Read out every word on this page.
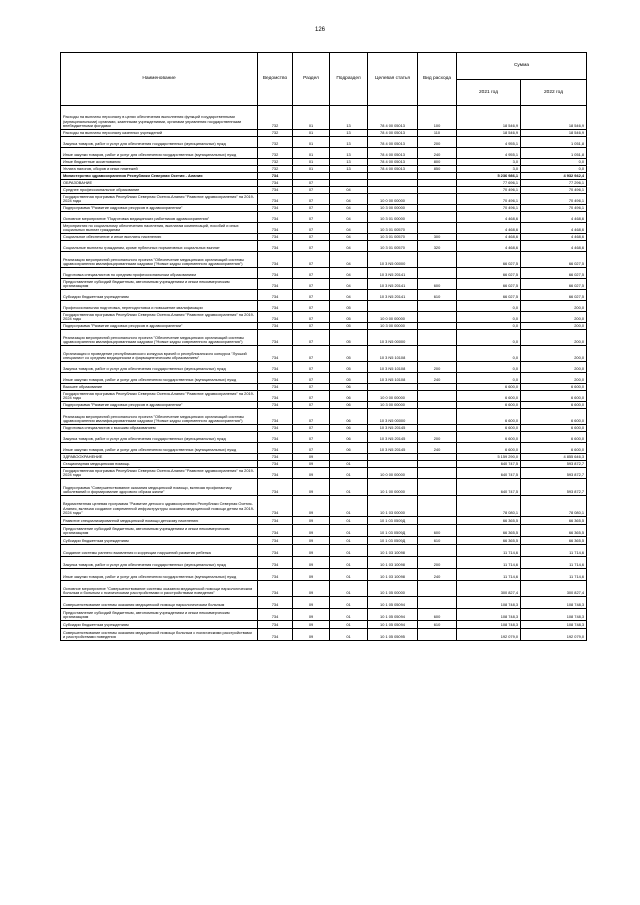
126
Наименование	Ведомство	Раздел	Подраздел	Целевая статья	Вид расхода	Сумма	
						2021 год	2022 год
Расходы на выплаты персоналу в целях обеспечения выполнения функций государственными (муниципальными) органами, казенными учреждениями, органами управления государственными внебюджетными фондами	732	01	13	78 4 00 05013	100	18 546,9	18 546,9
Расходы на выплаты персоналу казенных учреждений	732	01	13	78 4 00 05013	110	18 546,9	18 546,9
Закупка товаров, работ и услуг для обеспечения государственных (муниципальных) нужд	732	01	13	78 4 00 05013	200	4 955,1	1 051,8
Иные закупки товаров, работ и услуг для обеспечения государственных (муниципальных) нужд	732	01	13	78 4 00 05013	240	4 955,1	1 051,8
Иные бюджетные ассигнования	732	01	13	78 4 00 05013	800	3,0	0,0
Уплата налогов, сборов и иных платежей	732	01	13	78 4 00 05013	850	3,0	0,0
Министерство здравоохранения Республики Северная Осетия - Алания	734					5 236 986,1	4 932 942,4
ОБРАЗОВАНИЕ	734	07				77 696,1	77 296,1
Среднее профессиональное образование	734	07	04			70 496,1	70 496,1
Государственная программа Республики Северная Осетия-Алания "Развитие здравоохранения" на 2019-2024 годы	734	07	04	10 0 00 00000		70 496,1	70 496,1
Подпрограмма "Развитие кадровых ресурсов в здравоохранении"	734	07	04	10 3 00 00000		70 496,1	70 496,1
Основное мероприятие "Подготовка медицинских работников здравоохранения"	734	07	04	10 3 01 00000		4 468,6	4 468,6
Мероприятия по социальному обеспечению населения, выплатам компенсаций, пособий и иных социальных выплат гражданам	734	07	04	10 3 01 00570		4 468,6	4 468,6
Социальное обеспечение и иные выплаты населению	734	07	04	10 3 01 00570	300	4 468,6	4 468,6
Социальные выплаты гражданам, кроме публичных нормативных социальных выплат	734	07	04	10 3 01 00570	320	4 468,6	4 468,6
Реализация мероприятий регионального проекта "Обеспечение медицинских организаций системы здравоохранения квалифицированными кадрами ("Новые кадры современного здравоохранения")	734	07	04	10 3 N5 00000		66 027,5	66 027,5
Подготовка специалистов по средним профессиональным образованиям	734	07	04	10 3 N5 20141		66 027,5	66 027,5
Предоставление субсидий бюджетным, автономным учреждениям и иным некоммерческим организациям	734	07	04	10 3 N5 20141	600	66 027,5	66 027,5
Субсидии бюджетным учреждениям	734	07	04	10 3 N5 20141	610	66 027,5	66 027,5
Профессиональная подготовка, переподготовка и повышение квалификации	734	07	05			0,0	200,0
Государственная программа Республики Северная Осетия-Алания "Развитие здравоохранения" на 2019-2024 годы	734	07	05	10 0 00 00000		0,0	200,0
Подпрограмма "Развитие кадровых ресурсов в здравоохранении"	734	07	05	10 3 00 00000		0,0	200,0
Реализация мероприятий регионального проекта "Обеспечение медицинских организаций системы здравоохранения квалифицированными кадрами ("Новые кадры современного здравоохранения")	734	07	05	10 3 N5 00000		0,0	200,0
Организация и проведение республиканского конкурса врачей и республиканского конкурса "Лучший специалист со средним медицинским и фармацевтическим образованием"	734	07	05	10 3 N5 10108		0,0	200,0
Закупка товаров, работ и услуг для обеспечения государственных (муниципальных) нужд	734	07	05	10 3 N5 10108	200	0,0	200,0
Иные закупки товаров, работ и услуг для обеспечения государственных (муниципальных) нужд	734	07	05	10 3 N5 10108	240	0,0	200,0
Высшее образование	734	07	06			6 600,0	6 600,0
Государственная программа Республики Северная Осетия-Алания "Развитие здравоохранения" на 2019-2024 годы	734	07	06	10 0 00 00000		6 600,0	6 600,0
Подпрограмма "Развитие кадровых ресурсов в здравоохранении"	734	07	06	10 3 00 00000		6 600,0	6 600,0
Реализация мероприятий регионального проекта "Обеспечение медицинских организаций системы здравоохранения квалифицированными кадрами ("Новые кадры современного здравоохранения")	734	07	06	10 3 N5 00000		6 600,0	6 600,0
Подготовка специалистов с высшим образованием	734	07	06	10 3 N5 20145		6 600,0	6 600,0
Закупка товаров, работ и услуг для обеспечения государственных (муниципальных) нужд	734	07	06	10 3 N5 20145	200	6 600,0	6 600,0
Иные закупки товаров, работ и услуг для обеспечения государственных (муниципальных) нужд	734	07	06	10 3 N5 20145	240	6 600,0	6 600,0
ЗДРАВООХРАНЕНИЕ	734	09				5 159 290,0	4 855 646,3
Стационарная медицинская помощь	734	09	01			640 747,5	593 872,7
Государственная программа Республики Северная Осетия-Алания "Развитие здравоохранения" на 2019-2024 годы	734	09	01	10 0 00 00000		640 747,5	593 872,7
Подпрограмма "Совершенствование оказания медицинской помощи, включая профилактику заболеваний и формирование здорового образа жизни"	734	09	01	10 1 00 00000		640 747,5	593 872,7
Ведомственная целевая программа "Развитие детского здравоохранения Республики Северная Осетия-Алания, включая создание современной инфраструктуры оказания медицинской помощи детям на 2019-2024 годы"	734	09	01	10 1 03 00000		78 080,1	78 080,1
Развитие специализированной медицинской помощи детскому населению	734	09	01	10 1 03 0509Д		66 365,5	66 365,5
Предоставление субсидий бюджетным, автономным учреждениям и иным некоммерческим организациям	734	09	01	10 1 03 0509Д	600	66 365,5	66 365,5
Субсидии бюджетным учреждениям	734	09	01	10 1 03 0509Д	610	66 365,5	66 365,5
Создание системы раннего выявления и коррекции нарушений развития ребенка	734	09	01	10 1 03 10098		11 714,6	11 714,6
Закупка товаров, работ и услуг для обеспечения государственных (муниципальных) нужд	734	09	01	10 1 03 10098	200	11 714,6	11 714,6
Иные закупки товаров, работ и услуг для обеспечения государственных (муниципальных) нужд	734	09	01	10 1 03 10098	240	11 714,6	11 714,6
Основное мероприятие "Совершенствование системы оказания медицинской помощи наркологическим больным и больным с психическими расстройствами и расстройствами поведения"	734	09	01	10 1 05 00000		300 827,4	300 827,4
Совершенствование системы оказания медицинской помощи наркологическим больным	734	09	01	10 1 05 05094		108 748,3	108 748,3
Предоставление субсидий бюджетным, автономным учреждениям и иным некоммерческим организациям	734	09	01	10 1 05 05094	600	108 748,3	108 748,3
Субсидии бюджетным учреждениям	734	09	01	10 1 05 05094	610	108 748,3	108 748,3
Совершенствование системы оказания медицинской помощи больным с психическими расстройствами и расстройствами поведения	734	09	01	10 1 05 05095		192 079,0	192 079,0
